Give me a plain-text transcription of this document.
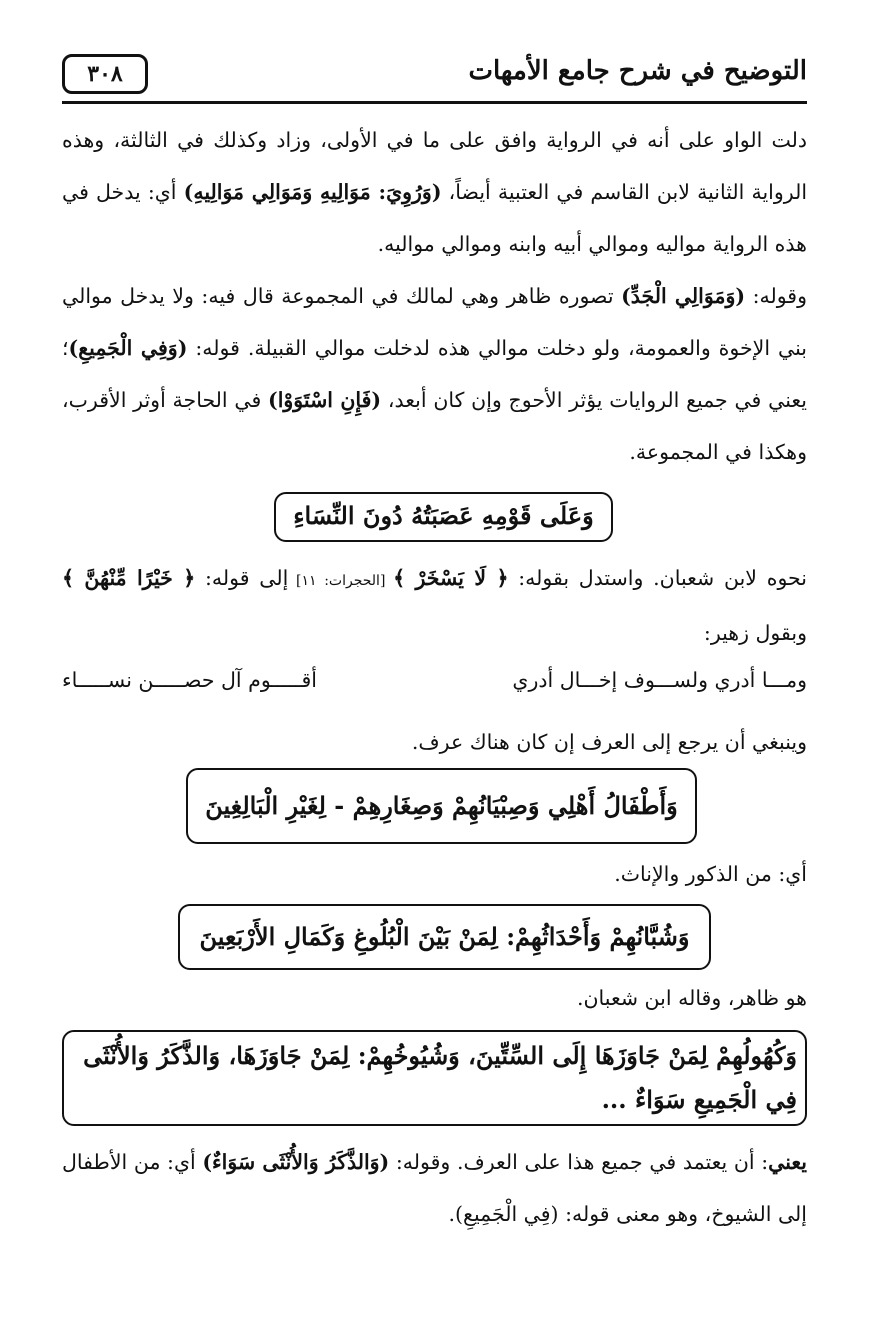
التوضيح في شرح جامع الأمهات
٣٠٨
دلت الواو على أنه في الرواية وافق على ما في الأولى، وزاد وكذلك في الثالثة، وهذه الرواية الثانية لابن القاسم في العتبية أيضاً، (وَرُوِيَ: مَوَالِيهِ وَمَوَالِي مَوَالِيهِ) أي: يدخل في هذه الرواية مواليه وموالي أبيه وابنه وموالي مواليه.
وقوله: (وَمَوَالِي الْجَدِّ) تصوره ظاهر وهي لمالك في المجموعة قال فيه: ولا يدخل موالي بني الإخوة والعمومة، ولو دخلت موالي هذه لدخلت موالي القبيلة. قوله: (وَفِي الْجَمِيعِ)؛ يعني في جميع الروايات يؤثر الأحوج وإن كان أبعد، (فَإِنِ اسْتَوَوْا) في الحاجة أوثر الأقرب، وهكذا في المجموعة.
وَعَلَى قَوْمِهِ عَصَبَتُهُ دُونَ النِّسَاءِ
نحوه لابن شعبان. واستدل بقوله: ﴿ لَا يَسْخَرْ ﴾ [الحجرات: ١١] إلى قوله: ﴿ خَيْرًا مِّنْهُنَّ ﴾ وبقول زهير:
ومـــا أدري ولســـوف إخـــال أدري
أقـــــوم آل حصـــــن نســـــاء
وينبغي أن يرجع إلى العرف إن كان هناك عرف.
وَأَطْفَالُ أَهْلِي وَصِبْيَانُهِمْ وَصِغَارِهِمْ - لِغَيْرِ الْبَالِغِينَ
أي: من الذكور والإناث.
وَشُبَّانُهِمْ وَأَحْدَاثُهِمْ: لِمَنْ بَيْنَ الْبُلُوغِ وَكَمَالِ الأَرْبَعِينَ
هو ظاهر، وقاله ابن شعبان.
وَكُهُولُهِمْ لِمَنْ جَاوَزَهَا إِلَى السِّتِّينَ، وَشُيُوخُهِمْ: لِمَنْ جَاوَزَهَا، وَالذَّكَرُ وَالأُنْثَى فِي الْجَمِيعِ سَوَاءٌ ...
يعني: أن يعتمد في جميع هذا على العرف. وقوله: (وَالذَّكَرُ وَالأُنْثَى سَوَاءٌ) أي: من الأطفال إلى الشيوخ، وهو معنى قوله: (فِي الْجَمِيعِ).
